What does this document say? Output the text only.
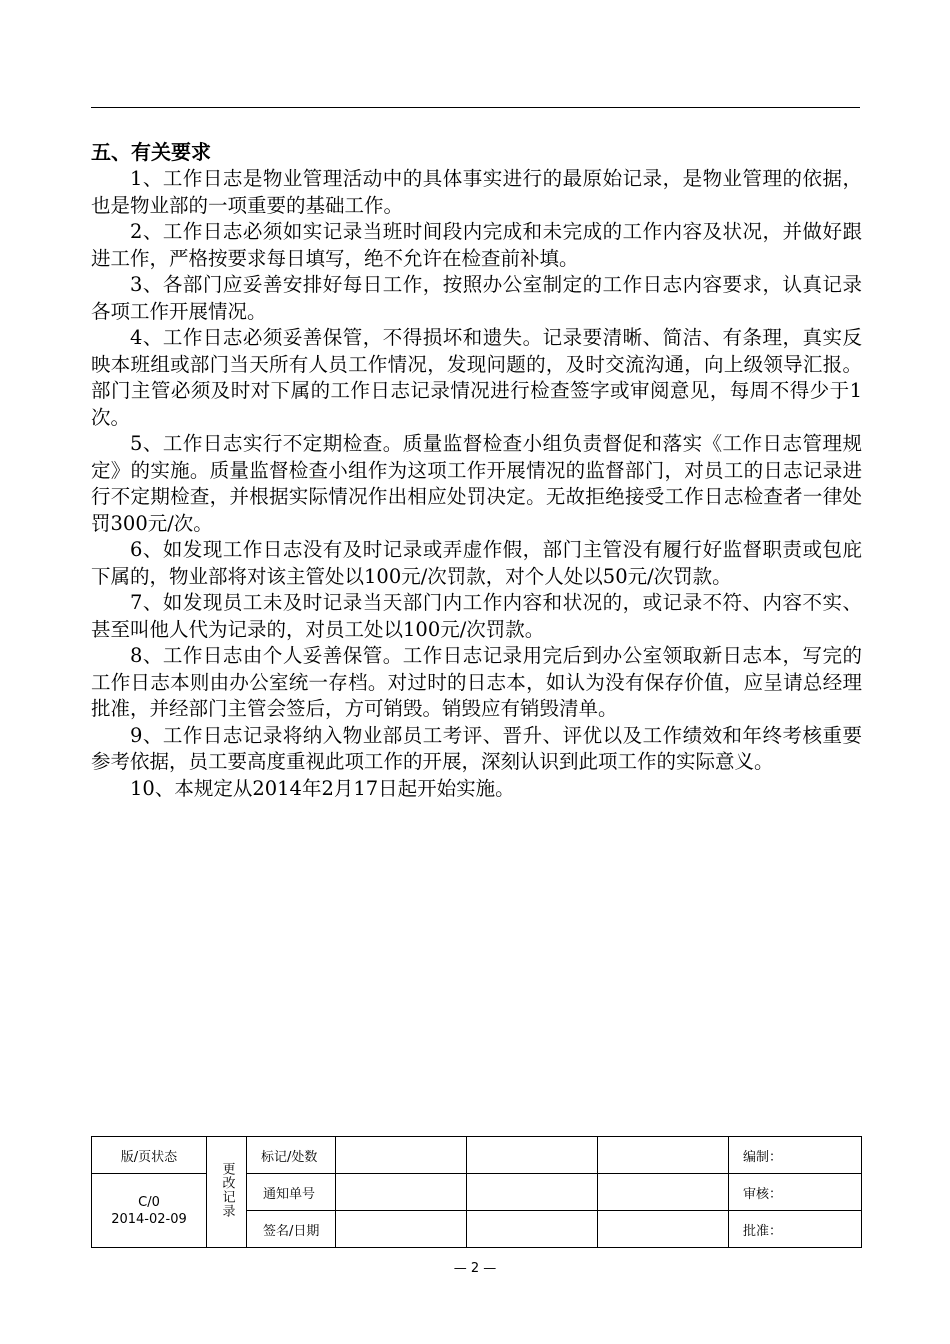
五、有关要求

1、工作日志是物业管理活动中的具体事实进行的最原始记录，是物业管理的依据，也是物业部的一项重要的基础工作。

2、工作日志必须如实记录当班时间段内完成和未完成的工作内容及状况，并做好跟进工作，严格按要求每日填写，绝不允许在检查前补填。

3、各部门应妥善安排好每日工作，按照办公室制定的工作日志内容要求，认真记录各项工作开展情况。

4、工作日志必须妥善保管，不得损坏和遗失。记录要清晰、简洁、有条理，真实反映本班组或部门当天所有人员工作情况，发现问题的，及时交流沟通，向上级领导汇报。部门主管必须及时对下属的工作日志记录情况进行检查签字或审阅意见，每周不得少于1次。

5、工作日志实行不定期检查。质量监督检查小组负责督促和落实《工作日志管理规定》的实施。质量监督检查小组作为这项工作开展情况的监督部门，对员工的日志记录进行不定期检查，并根据实际情况作出相应处罚决定。无故拒绝接受工作日志检查者一律处罚300元/次。

6、如发现工作日志没有及时记录或弄虚作假，部门主管没有履行好监督职责或包庇下属的，物业部将对该主管处以100元/次罚款，对个人处以50元/次罚款。

7、如发现员工未及时记录当天部门内工作内容和状况的，或记录不符、内容不实、甚至叫他人代为记录的，对员工处以100元/次罚款。

8、工作日志由个人妥善保管。工作日志记录用完后到办公室领取新日志本，写完的工作日志本则由办公室统一存档。对过时的日志本，如认为没有保存价值，应呈请总经理批准，并经部门主管会签后，方可销毁。销毁应有销毁清单。

9、工作日志记录将纳入物业部员工考评、晋升、评优以及工作绩效和年终考核重要参考依据，员工要高度重视此项工作的开展，深刻认识到此项工作的实际意义。

10、本规定从2014年2月17日起开始实施。

版/页状态	更改记录	标记/处数				编制：

C/0
2014-02-09		通知单号				审核：
		签名/日期				批准：
— 2 —
